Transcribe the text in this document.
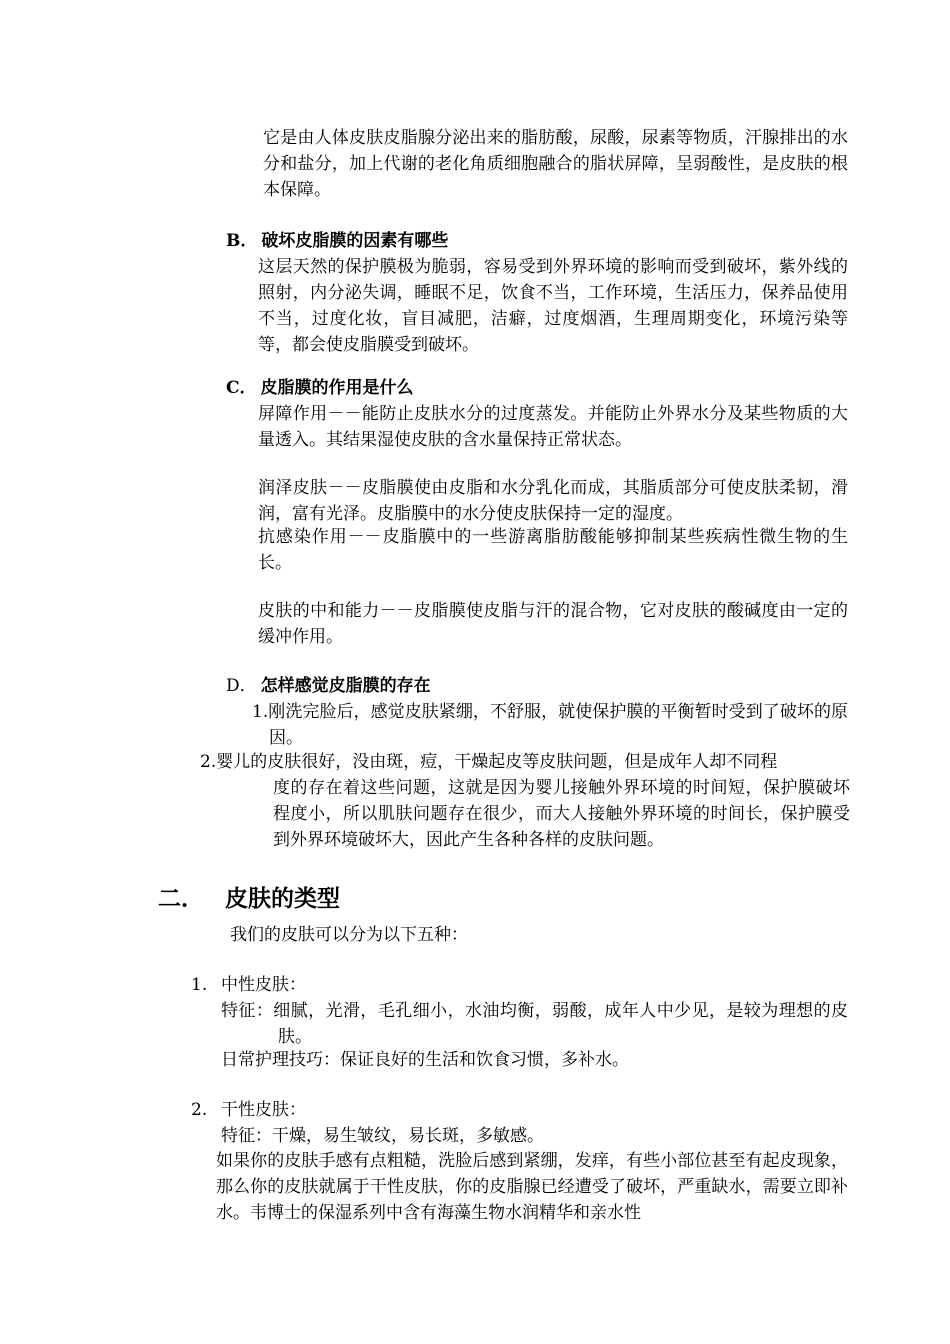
它是由人体皮肤皮脂腺分泌出来的脂肪酸，尿酸，尿素等物质，汗腺排出的水分和盐分，加上代谢的老化角质细胞融合的脂状屏障，呈弱酸性，是皮肤的根本保障。
B． 破坏皮脂膜的因素有哪些
这层天然的保护膜极为脆弱，容易受到外界环境的影响而受到破坏，紫外线的照射，内分泌失调，睡眠不足，饮食不当，工作环境，生活压力，保养品使用不当，过度化妆，盲目减肥，洁癖，过度烟酒，生理周期变化，环境污染等等，都会使皮脂膜受到破坏。
C． 皮脂膜的作用是什么
屏障作用－－能防止皮肤水分的过度蒸发。并能防止外界水分及某些物质的大量透入。其结果湿使皮肤的含水量保持正常状态。
润泽皮肤－－皮脂膜使由皮脂和水分乳化而成，其脂质部分可使皮肤柔韧，滑润，富有光泽。皮脂膜中的水分使皮肤保持一定的湿度。
抗感染作用－－皮脂膜中的一些游离脂肪酸能够抑制某些疾病性微生物的生长。
皮肤的中和能力－－皮脂膜使皮脂与汗的混合物，它对皮肤的酸碱度由一定的缓冲作用。
D． 怎样感觉皮脂膜的存在
1.刚洗完脸后，感觉皮肤紧绷，不舒服，就使保护膜的平衡暂时受到了破坏的原因。
2.婴儿的皮肤很好，没由斑，痘，干燥起皮等皮肤问题，但是成年人却不同程
度的存在着这些问题，这就是因为婴儿接触外界环境的时间短，保护膜破坏程度小，所以肌肤问题存在很少，而大人接触外界环境的时间长，保护膜受到外界环境破坏大，因此产生各种各样的皮肤问题。
二． 皮肤的类型
我们的皮肤可以分为以下五种：
1. 中性皮肤：
特征：细腻，光滑，毛孔细小，水油均衡，弱酸，成年人中少见，是较为理想的皮肤。
日常护理技巧：保证良好的生活和饮食习惯，多补水。
2. 干性皮肤：
特征：干燥，易生皱纹，易长斑，多敏感。
如果你的皮肤手感有点粗糙，洗脸后感到紧绷，发痒，有些小部位甚至有起皮现象，那么你的皮肤就属于干性皮肤，你的皮脂腺已经遭受了破坏，严重缺水，需要立即补水。韦博士的保湿系列中含有海藻生物水润精华和亲水性
